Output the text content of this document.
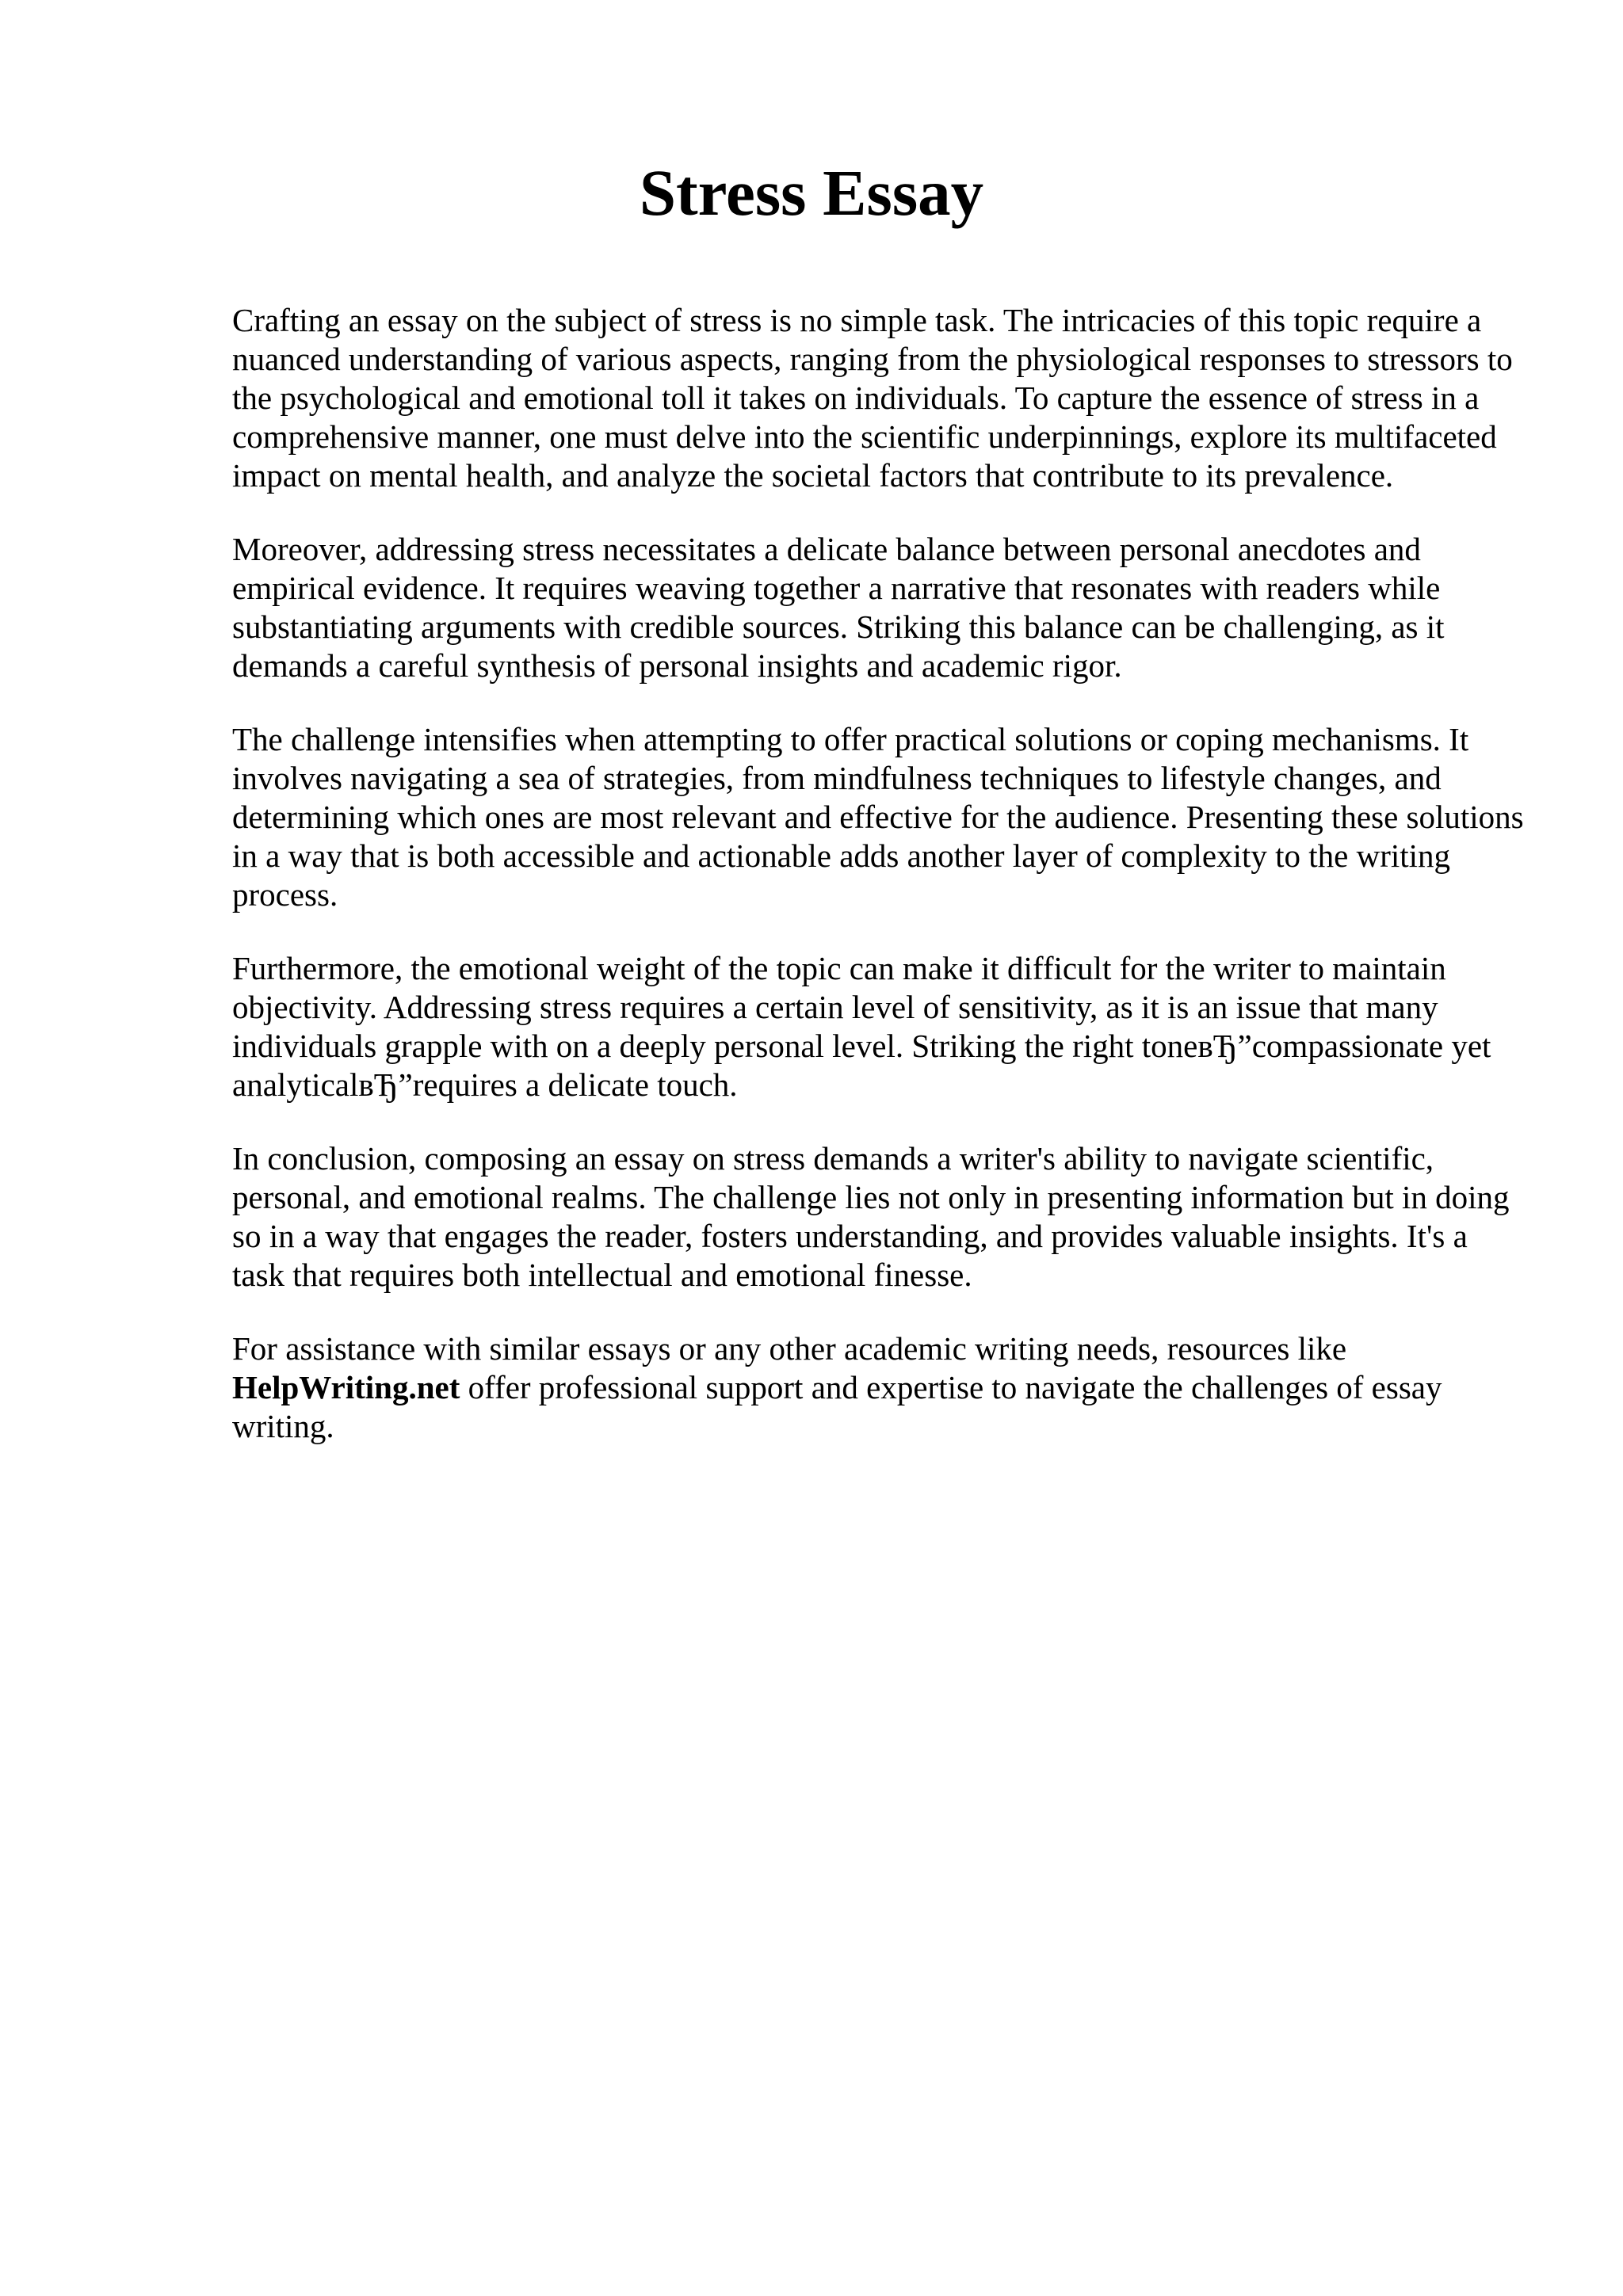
Stress Essay

Crafting an essay on the subject of stress is no simple task. The intricacies of this topic require a nuanced understanding of various aspects, ranging from the physiological responses to stressors to the psychological and emotional toll it takes on individuals. To capture the essence of stress in a comprehensive manner, one must delve into the scientific underpinnings, explore its multifaceted impact on mental health, and analyze the societal factors that contribute to its prevalence.

Moreover, addressing stress necessitates a delicate balance between personal anecdotes and empirical evidence. It requires weaving together a narrative that resonates with readers while substantiating arguments with credible sources. Striking this balance can be challenging, as it demands a careful synthesis of personal insights and academic rigor.

The challenge intensifies when attempting to offer practical solutions or coping mechanisms. It involves navigating a sea of strategies, from mindfulness techniques to lifestyle changes, and determining which ones are most relevant and effective for the audience. Presenting these solutions in a way that is both accessible and actionable adds another layer of complexity to the writing process.

Furthermore, the emotional weight of the topic can make it difficult for the writer to maintain objectivity. Addressing stress requires a certain level of sensitivity, as it is an issue that many individuals grapple with on a deeply personal level. Striking the right toneвЂ”compassionate yet analyticalвЂ”requires a delicate touch.

In conclusion, composing an essay on stress demands a writer's ability to navigate scientific, personal, and emotional realms. The challenge lies not only in presenting information but in doing so in a way that engages the reader, fosters understanding, and provides valuable insights. It's a task that requires both intellectual and emotional finesse.

For assistance with similar essays or any other academic writing needs, resources like HelpWriting.net offer professional support and expertise to navigate the challenges of essay writing.
